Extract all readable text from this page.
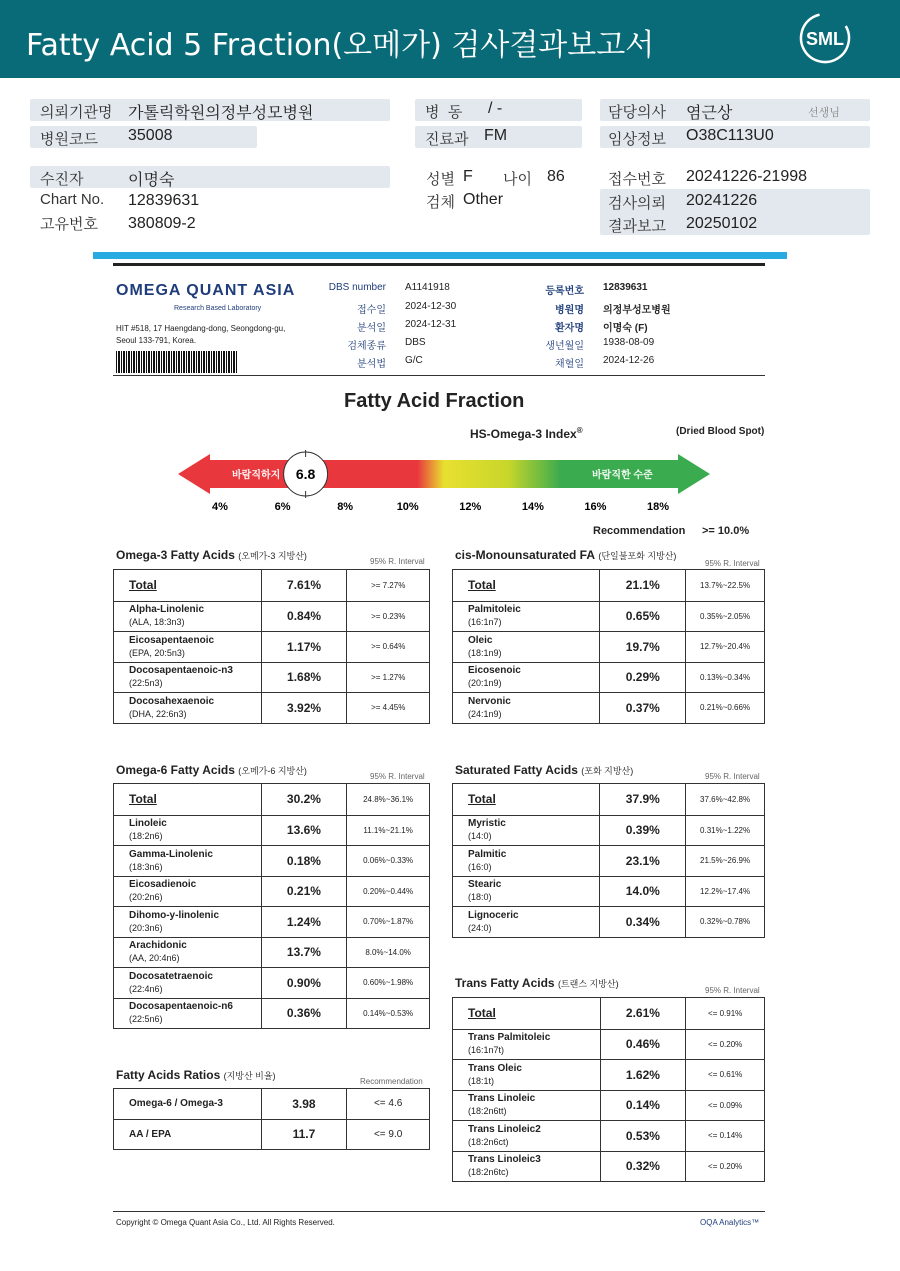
Fatty Acid 5 Fraction(오메가) 검사결과보고서	SML
의뢰기관명 가톨릭학원의정부성모병원
병원코드 35008
병  동 / -
진료과 FM
담당의사 염근상	선생님
임상정보 O38C113U0
수진자	이명숙
Chart No. 12839631
고유번호 380809-2
성별 F 나이 86
검체 Other
접수번호 20241226-21998
검사의뢰 20241226
결과보고 20250102
OMEGA QUANT ASIA
Research Based Laboratory
HIT #518, 17 Haengdang-dong, Seongdong-gu,
Seoul 133-791, Korea.
DBS number A1141918
접수일 2024-12-30
분석일 2024-12-31
검체종류 DBS
분석법 G/C
등록번호 12839631
병원명 의정부성모병원
환자명 이명숙 (F)
생년월일 1938-08-09
채혈일 2024-12-26
Fatty Acid Fraction
HS-Omega-3 Index®	(Dried Blood Spot)
바람직하지	바람직한 수준
4%	6%	8%	10%	12%	14%	16%	18%
6.8
Recommendation >= 10.0%
Omega-3 Fatty Acids (오메가-3 지방산)
95% R. Interval	cis-Monounsaturated FA (단일불포화 지방산)
95% R. Interval
Omega-6 Fatty Acids (오메가-6 지방산)
95% R. Interval	Saturated Fatty Acids (포화 지방산)
95% R. Interval
Trans Fatty Acids (트랜스 지방산)
95% R. Interval
Fatty Acids Ratios (지방산 비율)
Recommendation
Total	7.61%	>= 7.27%
Alpha-Linolenic
(ALA, 18:3n3)	0.84%	>= 0.23%
Eicosapentaenoic
(EPA, 20:5n3)	1.17%	>= 0.64%
Docosapentaenoic-n3
(22:5n3)	1.68%	>= 1.27%
Docosahexaenoic
(DHA, 22:6n3)	3.92%	>= 4.45%
Total	21.1%	13.7%~22.5%
Palmitoleic
(16:1n7)	0.65%	0.35%~2.05%
Oleic
(18:1n9)	19.7%	12.7%~20.4%
Eicosenoic
(20:1n9)	0.29%	0.13%~0.34%
Nervonic
(24:1n9)	0.37%	0.21%~0.66%
Total	30.2%	24.8%~36.1%
Linoleic
(18:2n6)	13.6%	11.1%~21.1%
Gamma-Linolenic
(18:3n6)	0.18%	0.06%~0.33%
Eicosadienoic
(20:2n6)	0.21%	0.20%~0.44%
Dihomo-y-linolenic
(20:3n6)	1.24%	0.70%~1.87%
Arachidonic
(AA, 20:4n6)	13.7%	8.0%~14.0%
Docosatetraenoic
(22:4n6)	0.90%	0.60%~1.98%
Docosapentaenoic-n6
(22:5n6)	0.36%	0.14%~0.53%
Total	37.9%	37.6%~42.8%
Myristic
(14:0)	0.39%	0.31%~1.22%
Palmitic
(16:0)	23.1%	21.5%~26.9%
Stearic
(18:0)	14.0%	12.2%~17.4%
Lignoceric
(24:0)	0.34%	0.32%~0.78%
Total	2.61%	<= 0.91%
Trans Palmitoleic
(16:1n7t)	0.46%	<= 0.20%
Trans Oleic
(18:1t)	1.62%	<= 0.61%
Trans Linoleic
(18:2n6tt)	0.14%	<= 0.09%
Trans Linoleic2
(18:2n6ct)	0.53%	<= 0.14%
Trans Linoleic3
(18:2n6tc)	0.32%	<= 0.20%
Omega-6 / Omega-3	3.98	<= 4.6
AA / EPA	11.7	<= 9.0
Copyright © Omega Quant Asia Co., Ltd. All Rights Reserved.	OQA Analytics™
